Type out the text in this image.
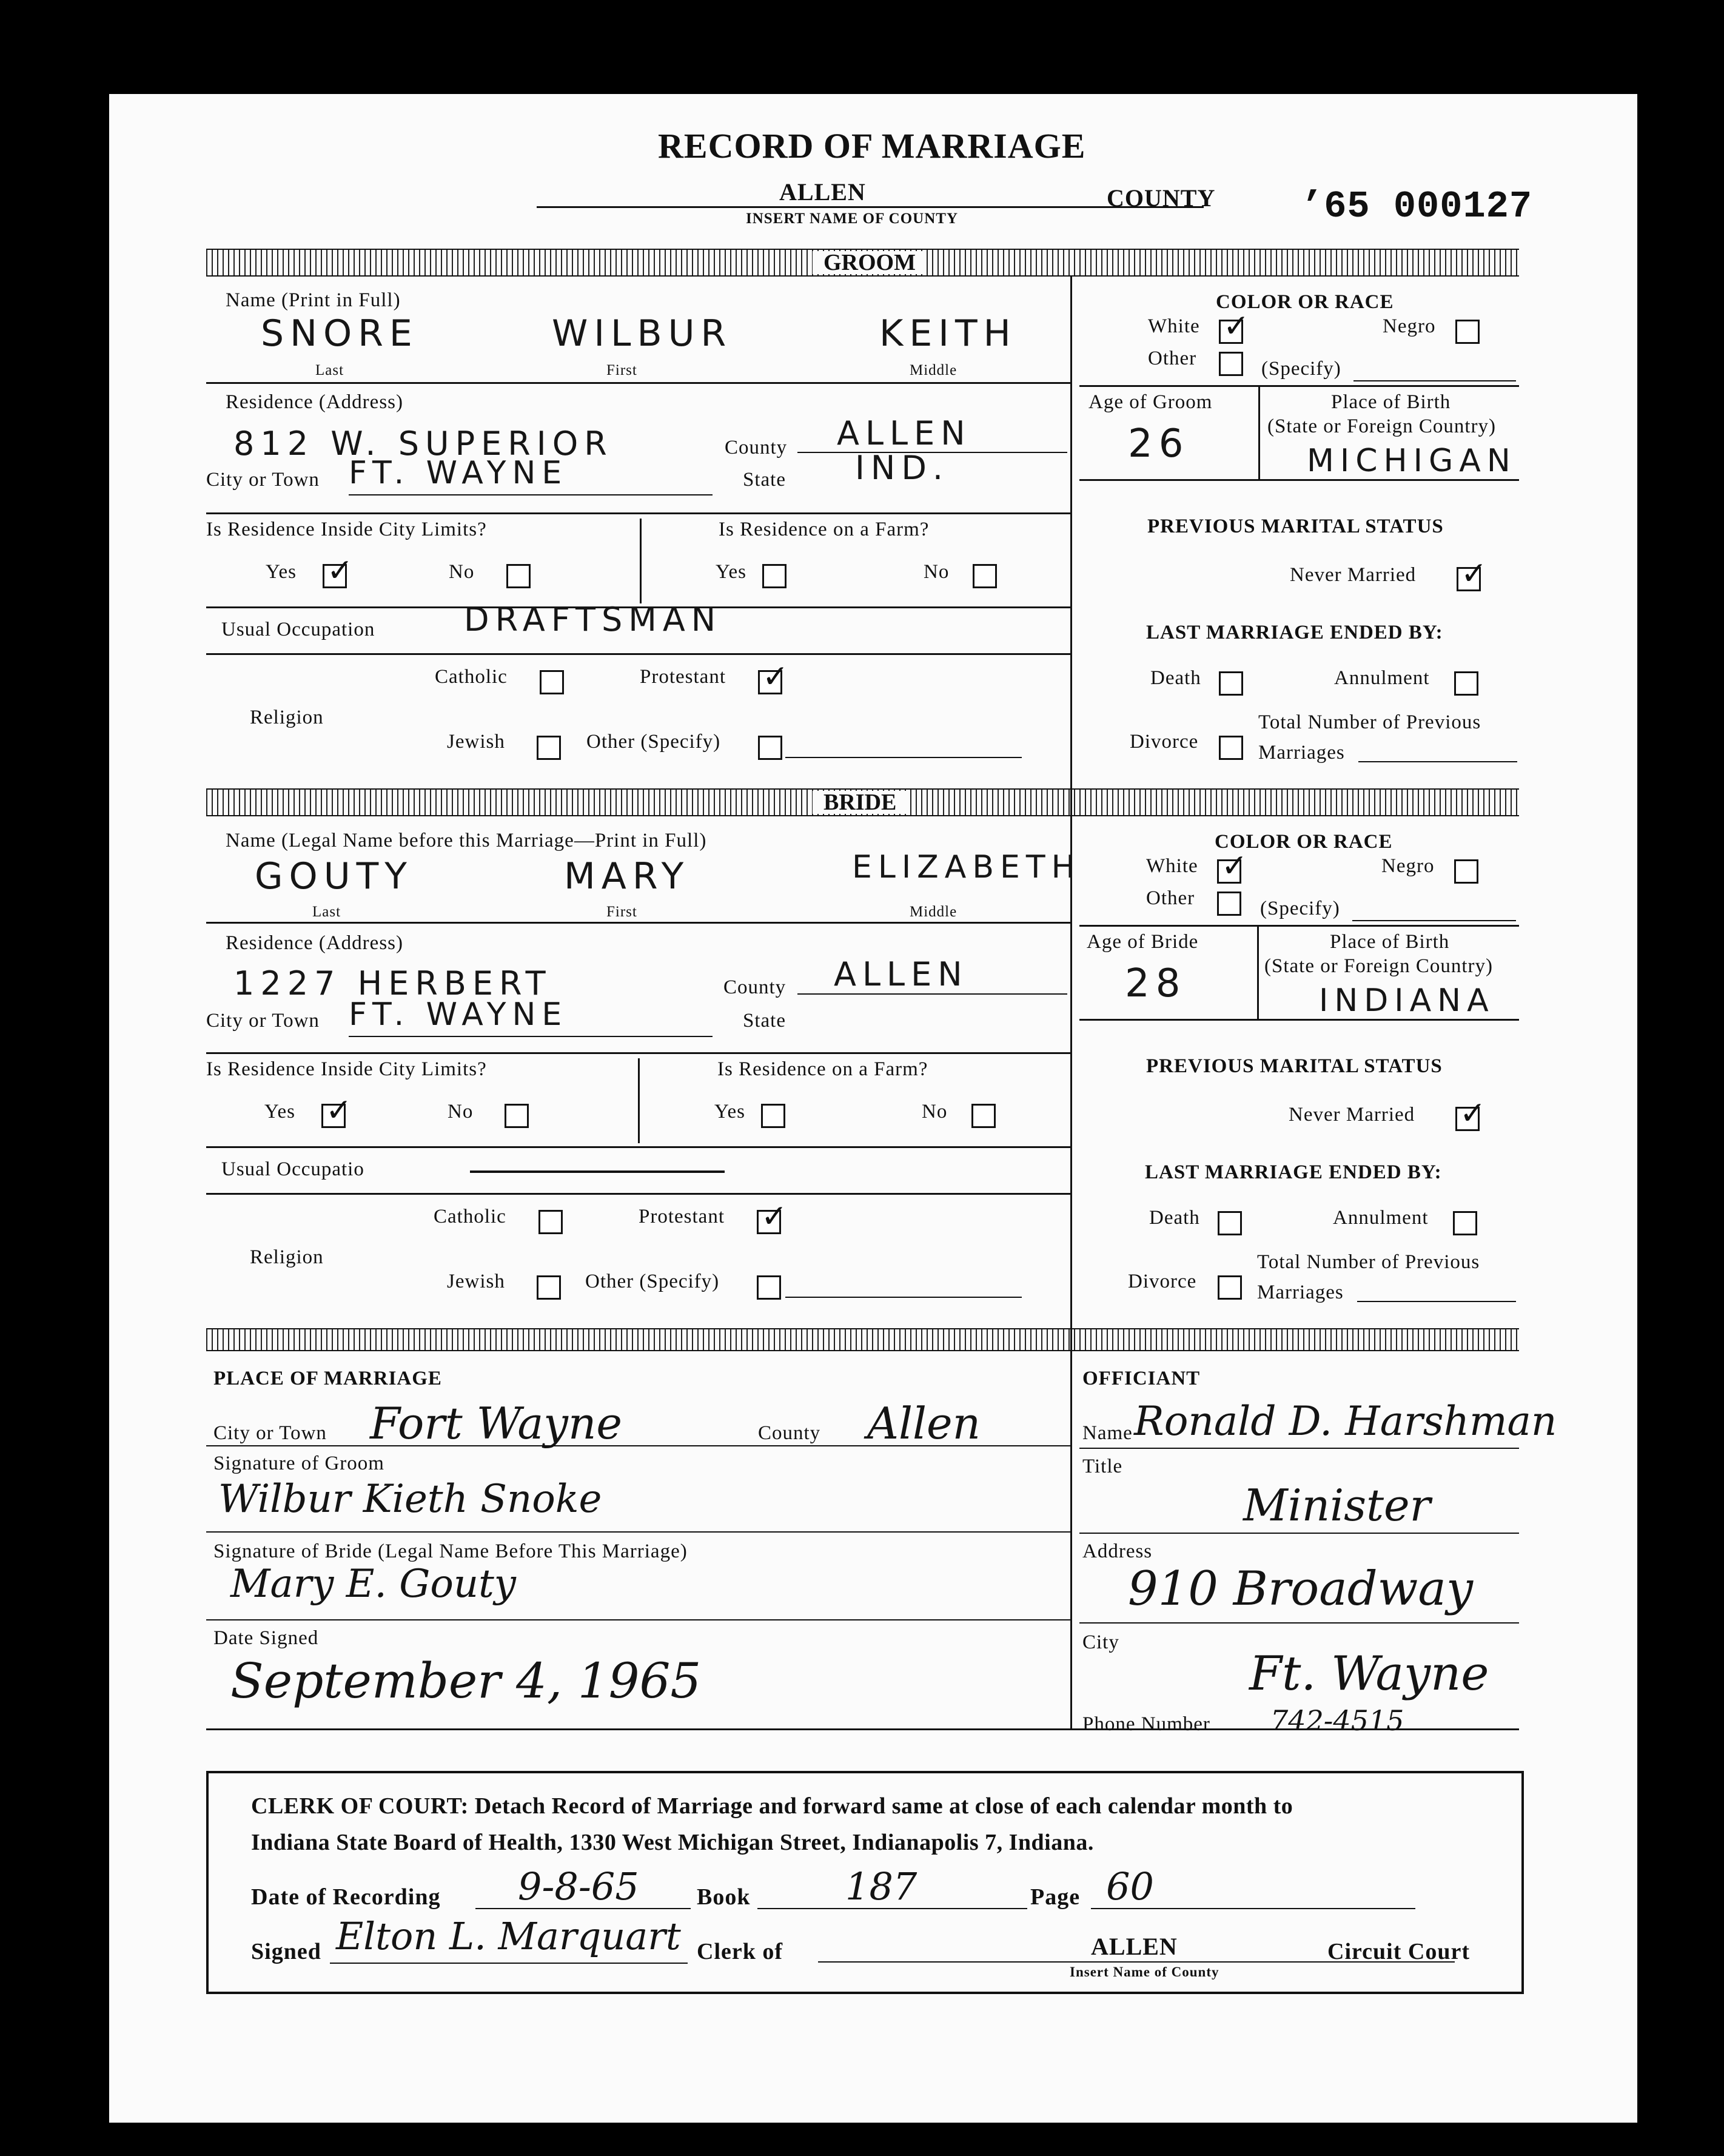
RECORD OF MARRIAGE
ALLEN
INSERT NAME OF COUNTY
COUNTY ’65 000127
GROOM
Name (Print in Full)
SNORE	WILBUR	KEITH
Last	First	Middle
Residence (Address)
812 W. SUPERIOR	County ALLEN
City or Town FT. WAYNE	State IND.
Is Residence Inside City Limits?
Yes ✓	No
Is Residence on a Farm?
Yes	No
Usual Occupation	DRAFTSMAN
Religion
Catholic	Protestant ✓
Jewish	Other (Specify)
COLOR OR RACE
White ✓	Negro
Other	(Specify)
Age of Groom
26
Place of Birth
(State or Foreign Country)
MICHIGAN
PREVIOUS MARITAL STATUS
Never Married ✓
LAST MARRIAGE ENDED BY:
Death	Annulment
Divorce
Total Number of Previous
Marriages
BRIDE
Name (Legal Name before this Marriage—Print in Full)
GOUTY	MARY	ELIZABETH
Last	First	Middle
Residence (Address)
1227 HERBERT	County ALLEN
City or Town FT. WAYNE	State
Is Residence Inside City Limits?
Yes ✓	No
Is Residence on a Farm?
Yes	No
Usual Occupatio
Religion
Catholic	Protestant ✓
Jewish	Other (Specify)
COLOR OR RACE
White ✓	Negro
Other	(Specify)
Age of Bride
28
Place of Birth
(State or Foreign Country)
INDIANA
PREVIOUS MARITAL STATUS
Never Married ✓
LAST MARRIAGE ENDED BY:
Death	Annulment
Divorce
Total Number of Previous
Marriages
PLACE OF MARRIAGE
City or Town Fort Wayne	County Allen
Signature of Groom
Wilbur Kieth Snoke
Signature of Bride (Legal Name Before This Marriage)
Mary E. Gouty
Date Signed
September 4, 1965
OFFICIANT
Name Ronald D. Harshman
Title
Minister
Address
910 Broadway
City
Ft. Wayne
Phone Number 742-4515
CLERK OF COURT: Detach Record of Marriage and forward same at close of each calendar month to
Indiana State Board of Health, 1330 West Michigan Street, Indianapolis 7, Indiana.
Date of Recording 9-8-65	Book	187	Page 60
Signed Elton L. Marquart Clerk of	ALLEN
Insert Name of County
Circuit Court
